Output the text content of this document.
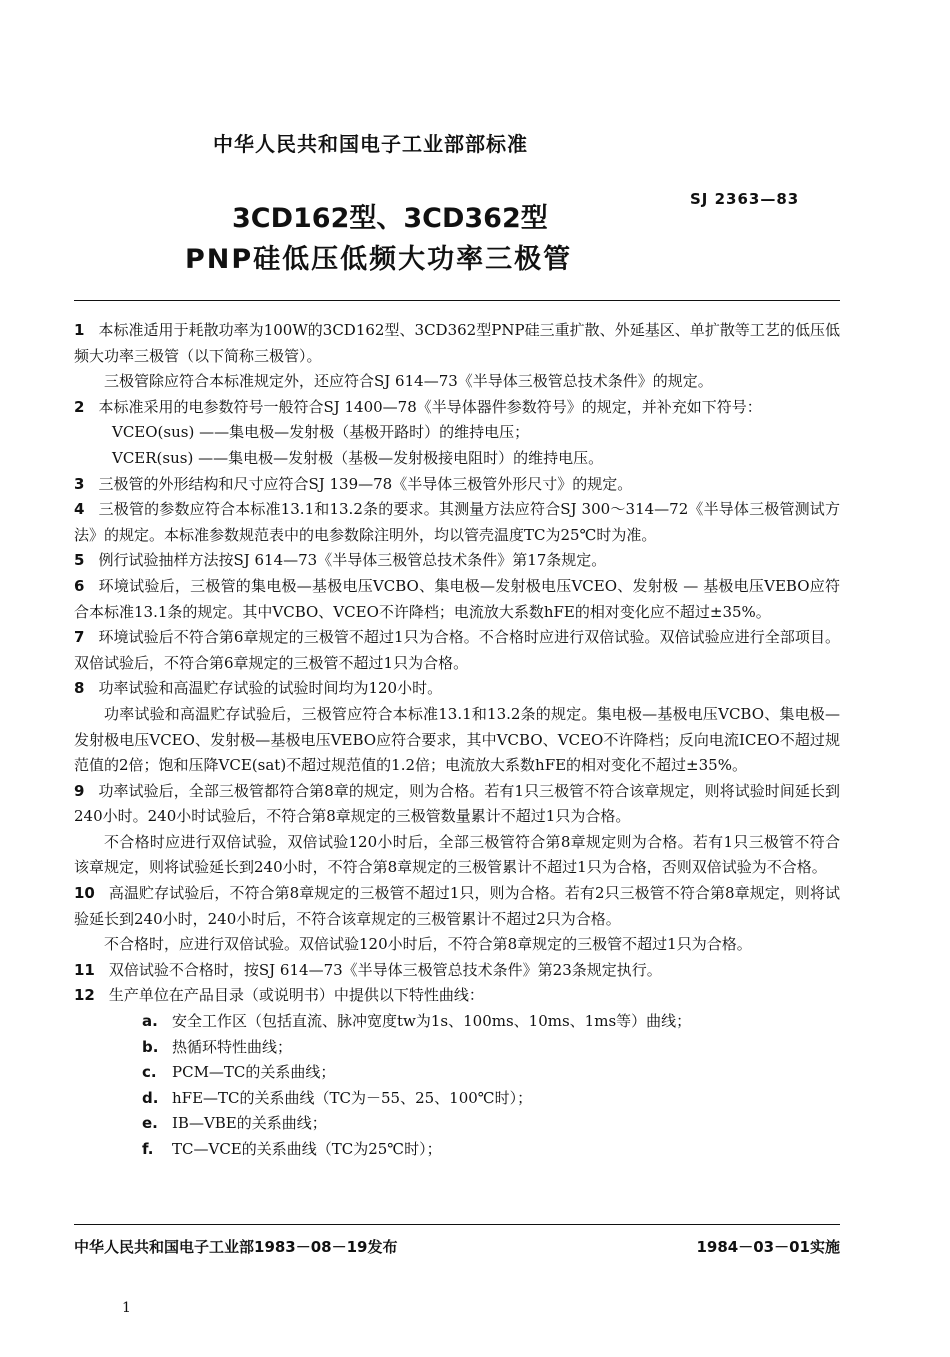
中华人民共和国电子工业部部标准
3CD162型、3CD362型
PNP硅低压低频大功率三极管
SJ 2363—83

1 本标准适用于耗散功率为100W的3CD162型、3CD362型PNP硅三重扩散、外延基区、单扩散等工艺的低压低频大功率三极管（以下简称三极管）。

三极管除应符合本标准规定外，还应符合SJ 614—73《半导体三极管总技术条件》的规定。

2 本标准采用的电参数符号一般符合SJ 1400—78《半导体器件参数符号》的规定，并补充如下符号：

VCEO(sus) ——集电极—发射极（基极开路时）的维持电压；

VCER(sus) ——集电极—发射极（基极—发射极接电阻时）的维持电压。

3 三极管的外形结构和尺寸应符合SJ 139—78《半导体三极管外形尺寸》的规定。

4 三极管的参数应符合本标准13.1和13.2条的要求。其测量方法应符合SJ 300～314—72《半导体三极管测试方法》的规定。本标准参数规范表中的电参数除注明外，均以管壳温度TC为25℃时为准。

5 例行试验抽样方法按SJ 614—73《半导体三极管总技术条件》第17条规定。

6 环境试验后，三极管的集电极—基极电压VCBO、集电极—发射极电压VCEO、发射极 — 基极电压VEBO应符合本标准13.1条的规定。其中VCBO、VCEO不许降档；电流放大系数hFE的相对变化应不超过±35%。

7 环境试验后不符合第6章规定的三极管不超过1只为合格。不合格时应进行双倍试验。双倍试验应进行全部项目。双倍试验后，不符合第6章规定的三极管不超过1只为合格。

8 功率试验和高温贮存试验的试验时间均为120小时。

功率试验和高温贮存试验后，三极管应符合本标准13.1和13.2条的规定。集电极—基极电压VCBO、集电极—发射极电压VCEO、发射极—基极电压VEBO应符合要求，其中VCBO、VCEO不许降档；反向电流ICEO不超过规范值的2倍；饱和压降VCE(sat)不超过规范值的1.2倍；电流放大系数hFE的相对变化不超过±35%。

9 功率试验后，全部三极管都符合第8章的规定，则为合格。若有1只三极管不符合该章规定，则将试验时间延长到240小时。240小时试验后，不符合第8章规定的三极管数量累计不超过1只为合格。

不合格时应进行双倍试验，双倍试验120小时后，全部三极管符合第8章规定则为合格。若有1只三极管不符合该章规定，则将试验延长到240小时，不符合第8章规定的三极管累计不超过1只为合格，否则双倍试验为不合格。

10 高温贮存试验后，不符合第8章规定的三极管不超过1只，则为合格。若有2只三极管不符合第8章规定，则将试验延长到240小时，240小时后，不符合该章规定的三极管累计不超过2只为合格。

不合格时，应进行双倍试验。双倍试验120小时后，不符合第8章规定的三极管不超过1只为合格。

11 双倍试验不合格时，按SJ 614—73《半导体三极管总技术条件》第23条规定执行。

12 生产单位在产品目录（或说明书）中提供以下特性曲线：

a. 安全工作区（包括直流、脉冲宽度tw为1s、100ms、10ms、1ms等）曲线；

b. 热循环特性曲线；

c. PCM—TC的关系曲线；

d. hFE—TC的关系曲线（TC为－55、25、100℃时）；

e. IB—VBE的关系曲线；

f. TC—VCE的关系曲线（TC为25℃时）；

中华人民共和国电子工业部1983－08－19发布	1984－03－01实施
1
